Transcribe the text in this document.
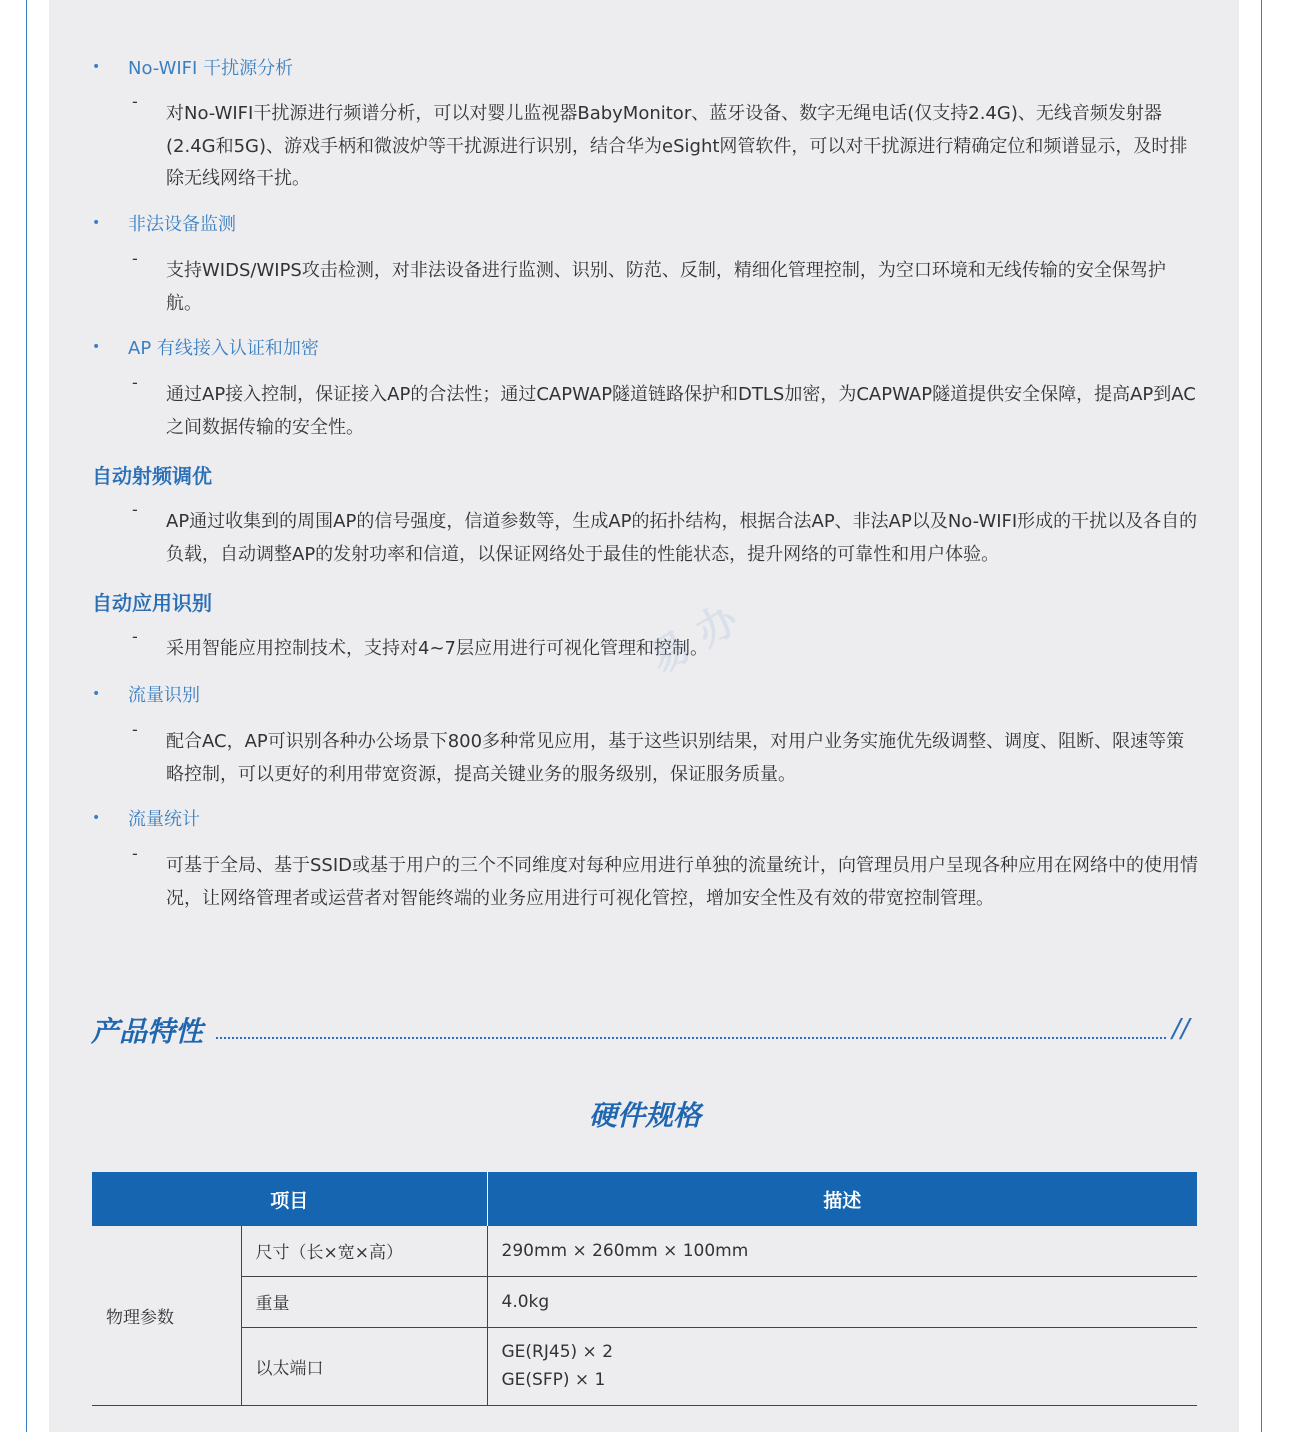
•	No-WIFI 干扰源分析
-
对No-WIFI干扰源进行频谱分析，可以对婴儿监视器BabyMonitor、蓝牙设备、数字无绳电话(仅支持2.4G)、无线音频发射器(2.4G和5G)、游戏手柄和微波炉等干扰源进行识别，结合华为eSight网管软件，可以对干扰源进行精确定位和频谱显示，及时排除无线网络干扰。
•	非法设备监测
-
支持WIDS/WIPS攻击检测，对非法设备进行监测、识别、防范、反制，精细化管理控制，为空口环境和无线传输的安全保驾护航。
•	AP 有线接入认证和加密
-
通过AP接入控制，保证接入AP的合法性；通过CAPWAP隧道链路保护和DTLS加密，为CAPWAP隧道提供安全保障，提高AP到AC之间数据传输的安全性。
自动射频调优
-
AP通过收集到的周围AP的信号强度，信道参数等，生成AP的拓扑结构，根据合法AP、非法AP以及No-WIFI形成的干扰以及各自的负载，自动调整AP的发射功率和信道，以保证网络处于最佳的性能状态，提升网络的可靠性和用户体验。
自动应用识别
-
采用智能应用控制技术，支持对4~7层应用进行可视化管理和控制。
•	流量识别
-
配合AC，AP可识别各种办公场景下800多种常见应用，基于这些识别结果，对用户业务实施优先级调整、调度、阻断、限速等策略控制，可以更好的利用带宽资源，提高关键业务的服务级别，保证服务质量。
•	流量统计
-
可基于全局、基于SSID或基于用户的三个不同维度对每种应用进行单独的流量统计，向管理员用户呈现各种应用在网络中的使用情况，让网络管理者或运营者对智能终端的业务应用进行可视化管控，增加安全性及有效的带宽控制管理。
易 办
产品特性	//
硬件规格
项目		描述
物理参数	尺寸（长×宽×高）	290mm × 260mm × 100mm
	重量	4.0kg
	以太端口	GE(RJ45) × 2
GE(SFP) × 1
